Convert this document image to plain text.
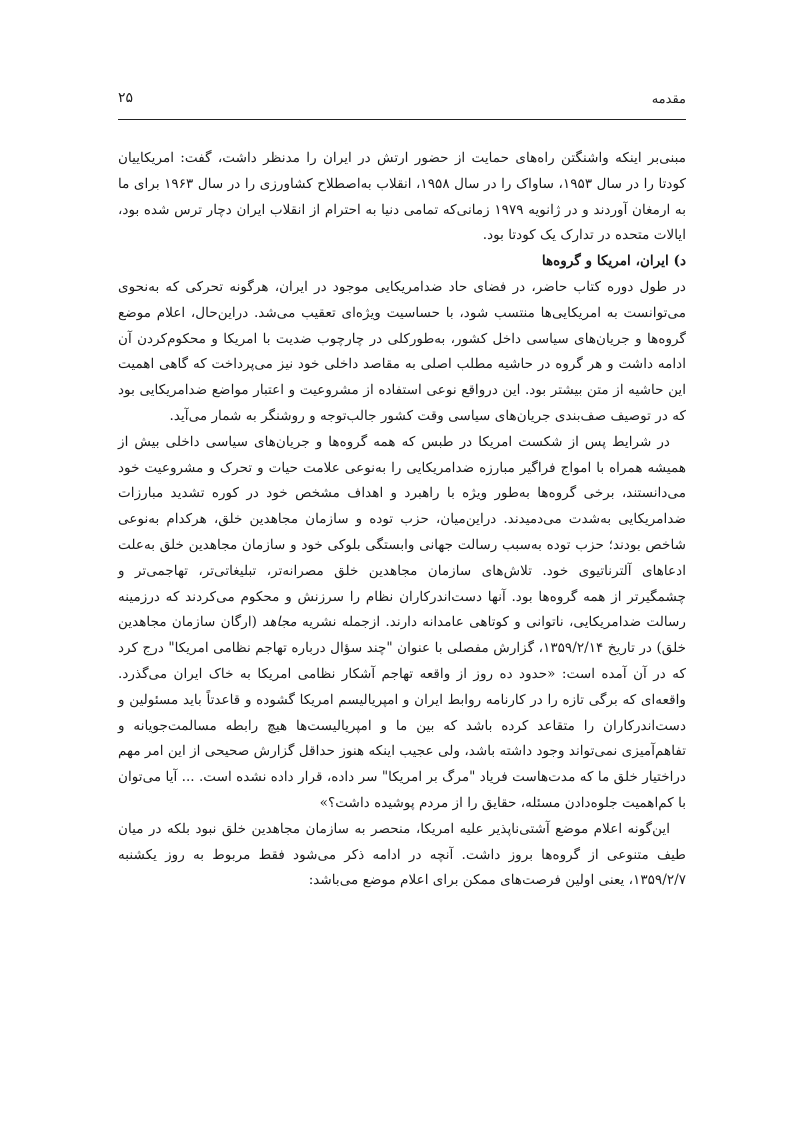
مقدمه
۲۵

مبنی‌بر اینکه واشنگتن راه‌های حمایت از حضور ارتش در ایران را مدنظر داشت، گفت: امریکاییان کودتا را در سال ۱۹۵۳، ساواک را در سال ۱۹۵۸، انقلاب به‌اصطلاح کشاورزی را در سال ۱۹۶۳ برای ما به ارمغان آوردند و در ژانویه ۱۹۷۹ زمانی‌که تمامی دنیا به احترام از انقلاب ایران دچار ترس شده بود، ایالات متحده در تدارک یک کودتا بود.

د) ایران، امریکا و گروه‌ها

در طول دوره کتاب حاضر، در فضای حاد ضدامریکایی موجود در ایران، هرگونه تحرکی که به‌نحوی می‌توانست به امریکایی‌ها منتسب شود، با حساسیت ویژه‌ای تعقیب می‌شد. دراین‌حال، اعلام موضع گروه‌ها و جریان‌های سیاسی داخل کشور، به‌طورکلی در چارچوب ضدیت با امریکا و محکوم‌کردن آن ادامه داشت و هر گروه در حاشیه مطلب اصلی به مقاصد داخلی خود نیز می‌پرداخت که گاهی اهمیت این حاشیه از متن بیشتر بود. این درواقع نوعی استفاده از مشروعیت و اعتبار مواضع ضدامریکایی بود که در توصیف صف‌بندی جریان‌های سیاسی وقت کشور جالب‌توجه و روشنگر به شمار می‌آید.

در شرایط پس از شکست امریکا در طبس که همه گروه‌ها و جریان‌های سیاسی داخلی بیش از همیشه همراه با امواج فراگیر مبارزه ضدامریکایی را به‌نوعی علامت حیات و تحرک و مشروعیت خود می‌دانستند، برخی گروه‌ها به‌طور ویژه با راهبرد و اهداف مشخص خود در کوره تشدید مبارزات ضدامریکایی به‌شدت می‌دمیدند. دراین‌میان، حزب توده و سازمان مجاهدین خلق، هرکدام به‌نوعی شاخص بودند؛ حزب توده به‌سبب رسالت جهانی وابستگی بلوکی خود و سازمان مجاهدین خلق به‌علت ادعاهای آلترناتیوی خود. تلاش‌های سازمان مجاهدین خلق مصرانه‌تر، تبلیغاتی‌تر، تهاجمی‌تر و چشمگیرتر از همه گروه‌ها بود. آنها دست‌اندرکاران نظام را سرزنش و محکوم می‌کردند که درزمینه رسالت ضدامریکایی، ناتوانی و کوتاهی عامدانه دارند. ازجمله نشریه مجاهد (ارگان سازمان مجاهدین خلق) در تاریخ ۱۳۵۹/۲/۱۴، گزارش مفصلی با عنوان "چند سؤال درباره تهاجم نظامی امریکا" درج کرد که در آن آمده است: «حدود ده روز از واقعه تهاجم آشکار نظامی امریکا به خاک ایران می‌گذرد. واقعه‌ای که برگی تازه را در کارنامه روابط ایران و امپریالیسم امریکا گشوده و قاعدتاً باید مسئولین و دست‌اندرکاران را متقاعد کرده باشد که بین ما و امپریالیست‌ها هیچ رابطه مسالمت‌جویانه و تفاهم‌آمیزی نمی‌تواند وجود داشته باشد، ولی عجیب اینکه هنوز حداقل گزارش صحیحی از این امر مهم دراختیار خلق ما که مدت‌هاست فریاد "مرگ بر امریکا" سر داده، قرار داده نشده است. ... آیا می‌توان با کم‌اهمیت جلوه‌دادن مسئله، حقایق را از مردم پوشیده داشت؟»

این‌گونه اعلام موضع آشتی‌ناپذیر علیه امریکا، منحصر به سازمان مجاهدین خلق نبود بلکه در میان طیف متنوعی از گروه‌ها بروز داشت. آنچه در ادامه ذکر می‌شود فقط مربوط به روز یکشنبه ۱۳۵۹/۲/۷، یعنی اولین فرصت‌های ممکن برای اعلام موضع می‌باشد:
